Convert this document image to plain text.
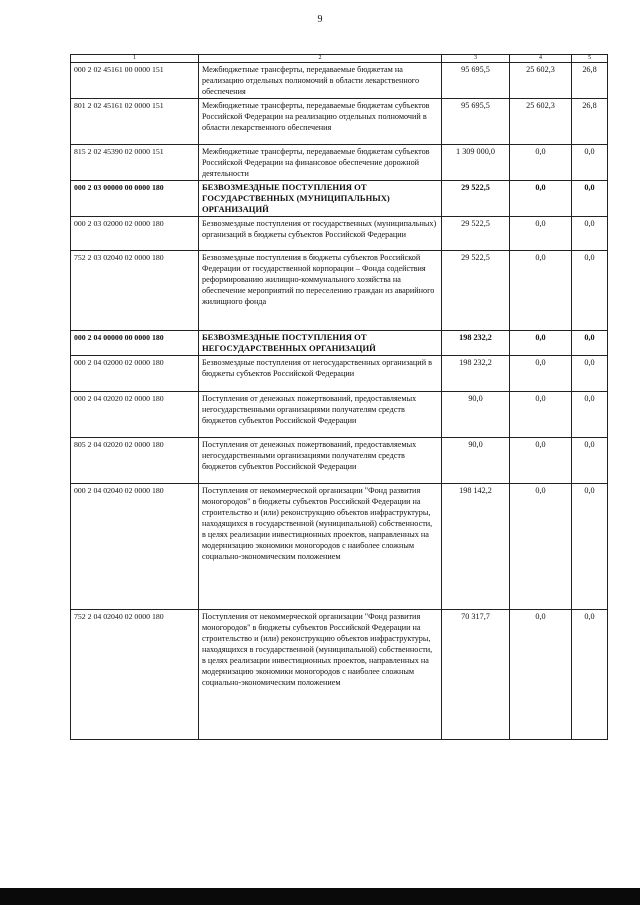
9
1	2	3	4	5
000 2 02 45161 00 0000 151	Межбюджетные трансферты, передаваемые бюджетам на реализацию отдельных полномочий в области лекарственного обеспечения	95 695,5	25 602,3	26,8
801 2 02 45161 02 0000 151	Межбюджетные трансферты, передаваемые бюджетам субъектов Российской Федерации на реализацию отдельных полномочий в области лекарственного обеспечения	95 695,5	25 602,3	26,8
815 2 02 45390 02 0000 151	Межбюджетные трансферты, передаваемые бюджетам субъектов Российской Федерации на финансовое обеспечение дорожной деятельности	1 309 000,0	0,0	0,0
000 2 03 00000 00 0000 180	БЕЗВОЗМЕЗДНЫЕ ПОСТУПЛЕНИЯ ОТ ГОСУДАРСТВЕННЫХ (МУНИЦИПАЛЬНЫХ) ОРГАНИЗАЦИЙ	29 522,5	0,0	0,0
000 2 03 02000 02 0000 180	Безвозмездные поступления от государственных (муниципальных) организаций в бюджеты субъектов Российской Федерации	29 522,5	0,0	0,0
752 2 03 02040 02 0000 180	Безвозмездные поступления в бюджеты субъектов Российской Федерации от государственной корпорации – Фонда содействия реформированию жилищно-коммунального хозяйства на обеспечение мероприятий по переселению граждан из аварийного жилищного фонда	29 522,5	0,0	0,0
000 2 04 00000 00 0000 180	БЕЗВОЗМЕЗДНЫЕ ПОСТУПЛЕНИЯ ОТ НЕГОСУДАРСТВЕННЫХ ОРГАНИЗАЦИЙ	198 232,2	0,0	0,0
000 2 04 02000 02 0000 180	Безвозмездные поступления от негосударственных организаций в бюджеты субъектов Российской Федерации	198 232,2	0,0	0,0
000 2 04 02020 02 0000 180	Поступления от денежных пожертвований, предоставляемых негосударственными организациями получателям средств бюджетов субъектов Российской Федерации	90,0	0,0	0,0
805 2 04 02020 02 0000 180	Поступления от денежных пожертвований, предоставляемых негосударственными организациями получателям средств бюджетов субъектов Российской Федерации	90,0	0,0	0,0
000 2 04 02040 02 0000 180	Поступления от некоммерческой организации "Фонд развития моногородов" в бюджеты субъектов Российской Федерации на строительство и (или) реконструкцию объектов инфраструктуры, находящихся в государственной (муниципальной) собственности, в целях реализации инвестиционных проектов, направленных на модернизацию экономики моногородов с наиболее сложным социально-экономическим положением	198 142,2	0,0	0,0
752 2 04 02040 02 0000 180	Поступления от некоммерческой организации "Фонд развития моногородов" в бюджеты субъектов Российской Федерации на строительство и (или) реконструкцию объектов инфраструктуры, находящихся в государственной (муниципальной) собственности, в целях реализации инвестиционных проектов, направленных на модернизацию экономики моногородов с наиболее сложным социально-экономическим положением	70 317,7	0,0	0,0
